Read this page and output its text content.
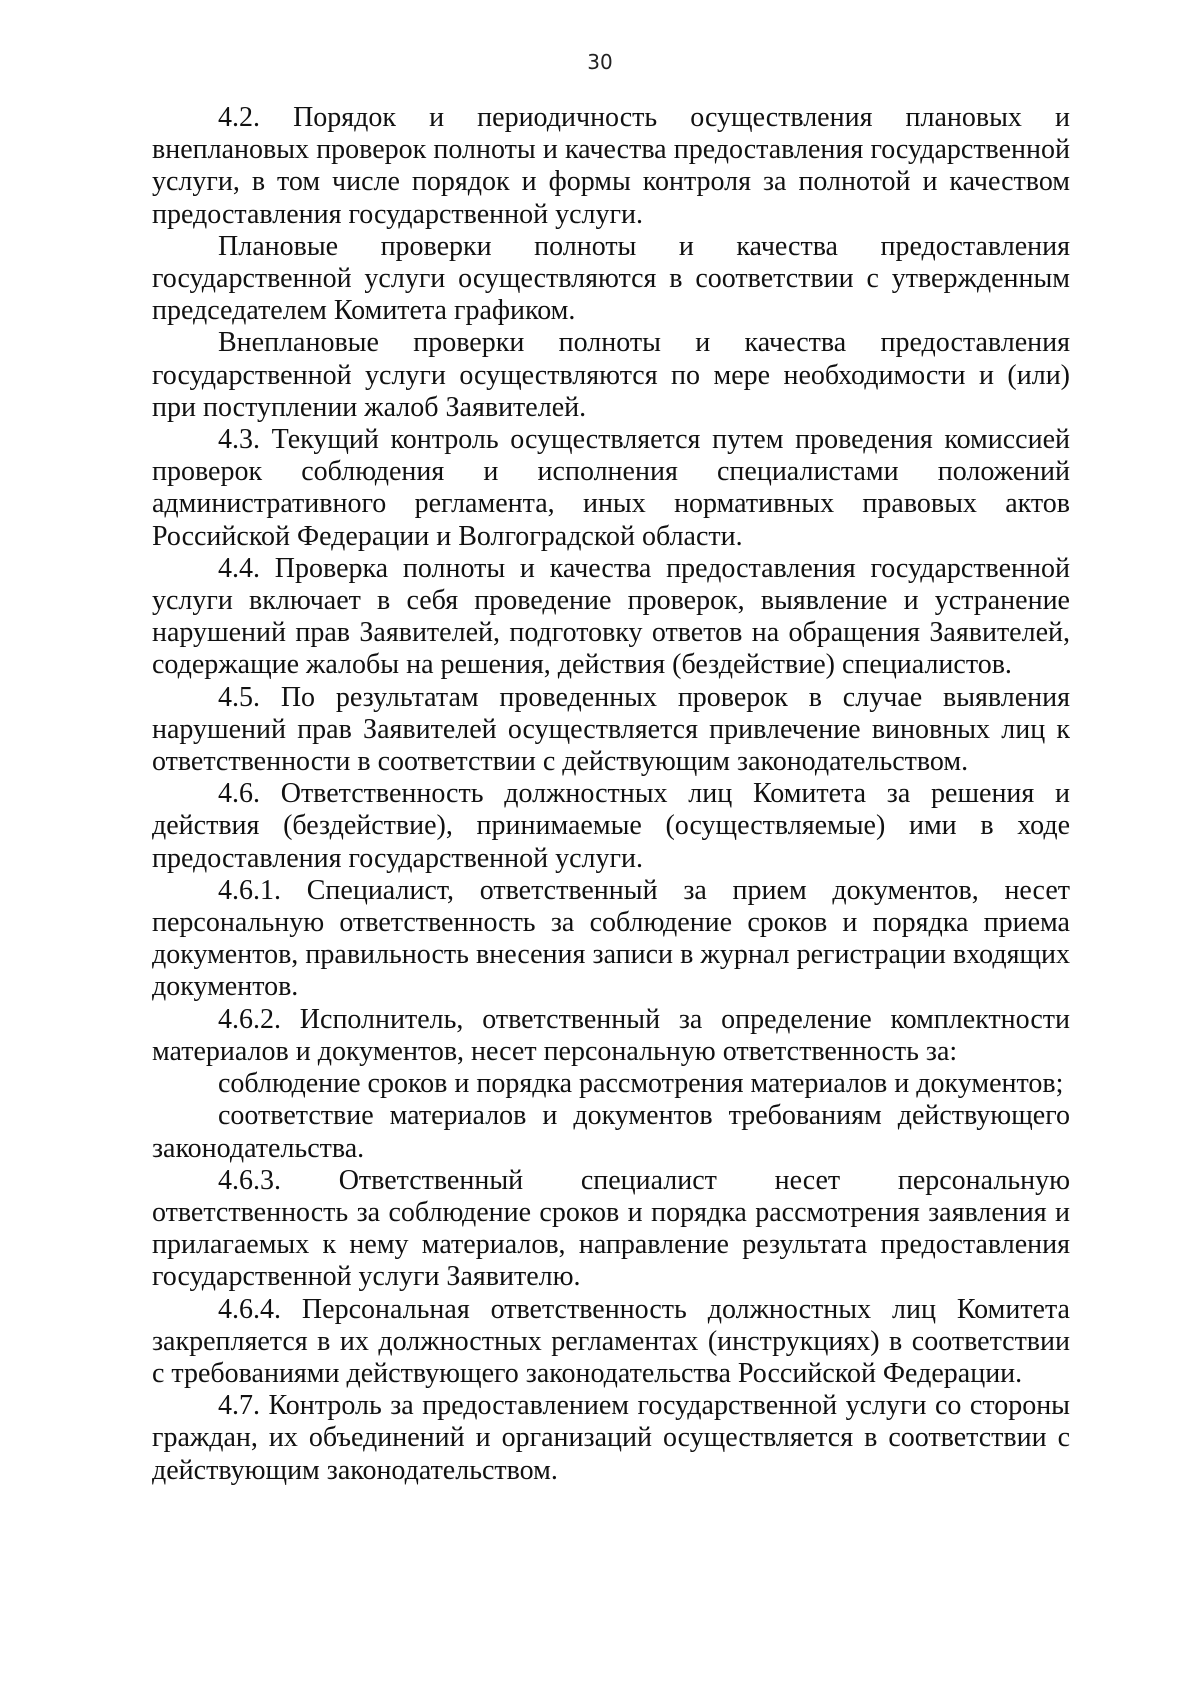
30

4.2. Порядок и периодичность осуществления плановых и внеплановых проверок полноты и качества предоставления государственной услуги, в том числе порядок и формы контроля за полнотой и качеством предоставления государственной услуги.

Плановые проверки полноты и качества предоставления государственной услуги осуществляются в соответствии с утвержденным председателем Комитета графиком.

Внеплановые проверки полноты и качества предоставления государственной услуги осуществляются по мере необходимости и (или) при поступлении жалоб Заявителей.

4.3. Текущий контроль осуществляется путем проведения комиссией проверок соблюдения и исполнения специалистами положений административного регламента, иных нормативных правовых актов Российской Федерации и Волгоградской области.

4.4. Проверка полноты и качества предоставления государственной услуги включает в себя проведение проверок, выявление и устранение нарушений прав Заявителей, подготовку ответов на обращения Заявителей, содержащие жалобы на решения, действия (бездействие) специалистов.

4.5. По результатам проведенных проверок в случае выявления нарушений прав Заявителей осуществляется привлечение виновных лиц к ответственности в соответствии с действующим законодательством.

4.6. Ответственность должностных лиц Комитета за решения и действия (бездействие), принимаемые (осуществляемые) ими в ходе предоставления государственной услуги.

4.6.1. Специалист, ответственный за прием документов, несет персональную ответственность за соблюдение сроков и порядка приема документов, правильность внесения записи в журнал регистрации входящих документов.

4.6.2. Исполнитель, ответственный за определение комплектности материалов и документов, несет персональную ответственность за:

соблюдение сроков и порядка рассмотрения материалов и документов;

соответствие материалов и документов требованиям действующего законодательства.

4.6.3. Ответственный специалист несет персональную ответственность за соблюдение сроков и порядка рассмотрения заявления и прилагаемых к нему материалов, направление результата предоставления государственной услуги Заявителю.

4.6.4. Персональная ответственность должностных лиц Комитета закрепляется в их должностных регламентах (инструкциях) в соответствии с требованиями действующего законодательства Российской Федерации.

4.7. Контроль за предоставлением государственной услуги со стороны граждан, их объединений и организаций осуществляется в соответствии с действующим законодательством.
